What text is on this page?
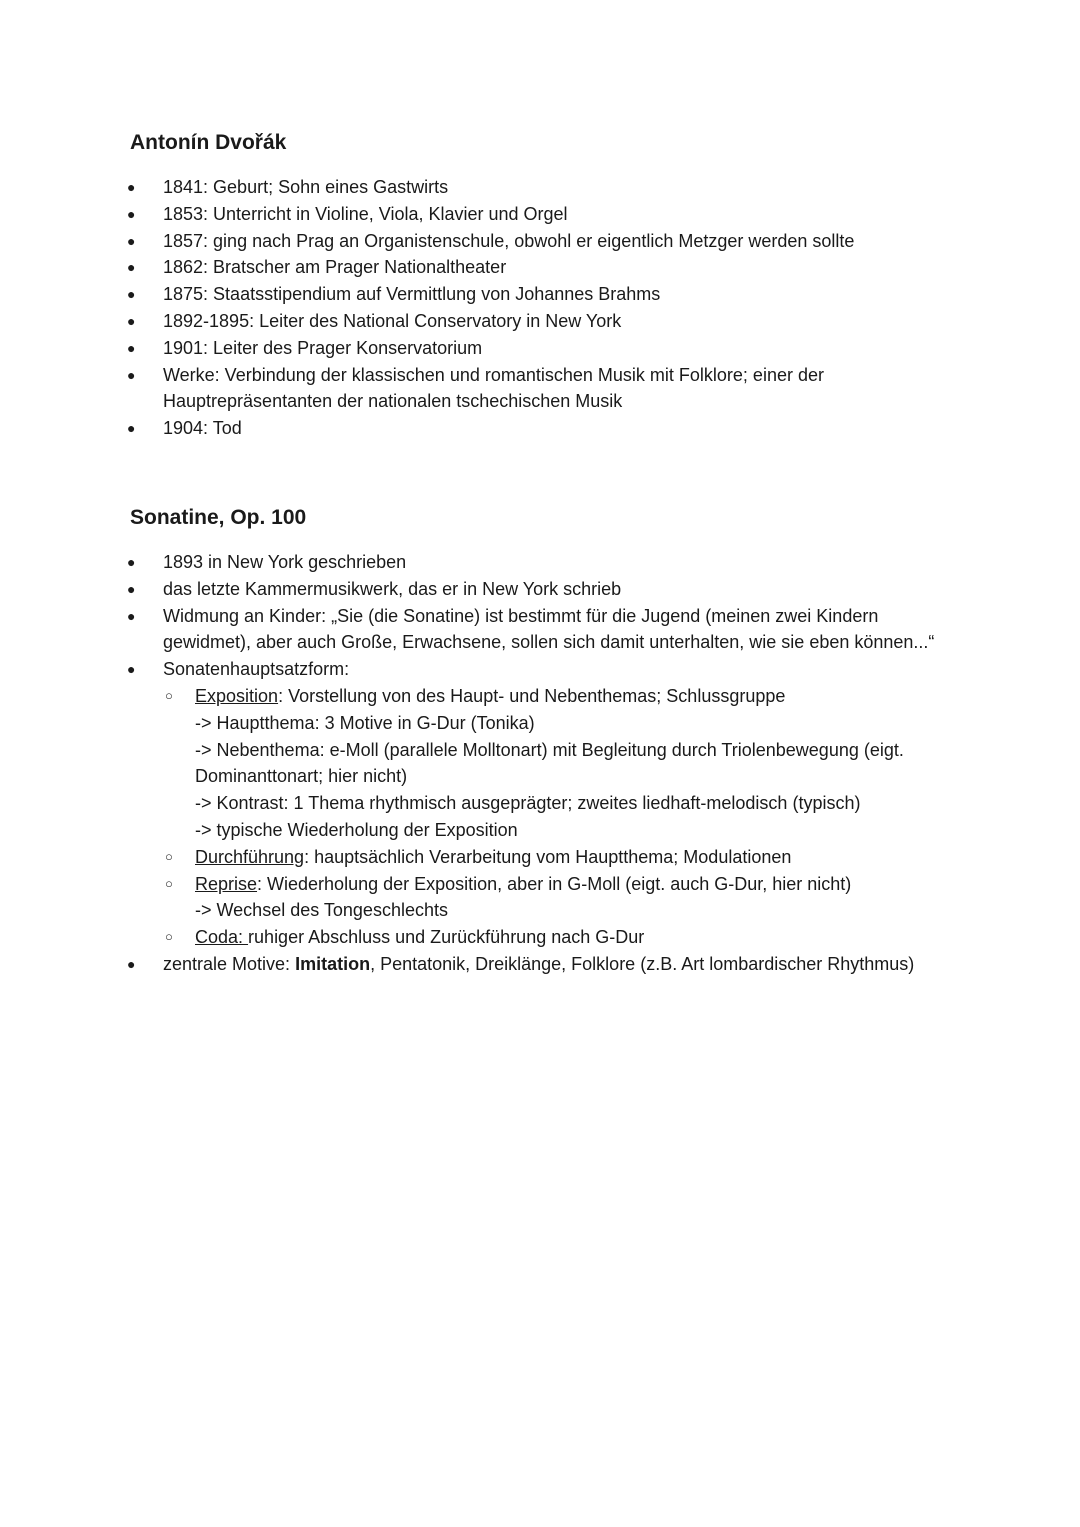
Antonín Dvořák
● 1841: Geburt; Sohn eines Gastwirts
● 1853: Unterricht in Violine, Viola, Klavier und Orgel
● 1857: ging nach Prag an Organistenschule, obwohl er eigentlich Metzger werden sollte
● 1862: Bratscher am Prager Nationaltheater
● 1875: Staatsstipendium auf Vermittlung von Johannes Brahms
● 1892-1895: Leiter des National Conservatory in New York
● 1901: Leiter des Prager Konservatorium
● Werke: Verbindung der klassischen und romantischen Musik mit Folklore; einer der Hauptrepräsentanten der nationalen tschechischen Musik
● 1904: Tod
Sonatine, Op. 100
● 1893 in New York geschrieben
● das letzte Kammermusikwerk, das er in New York schrieb
● Widmung an Kinder: „Sie (die Sonatine) ist bestimmt für die Jugend (meinen zwei Kindern gewidmet), aber auch Große, Erwachsene, sollen sich damit unterhalten, wie sie eben können...“
● Sonatenhauptsatzform:
○ Exposition: Vorstellung von des Haupt- und Nebenthemas; Schlussgruppe
-> Hauptthema: 3 Motive in G-Dur (Tonika)
-> Nebenthema: e-Moll (parallele Molltonart) mit Begleitung durch Triolenbewegung (eigt. Dominanttonart; hier nicht)
-> Kontrast: 1 Thema rhythmisch ausgeprägter; zweites liedhaft-melodisch (typisch)
-> typische Wiederholung der Exposition
○ Durchführung: hauptsächlich Verarbeitung vom Hauptthema; Modulationen
○ Reprise: Wiederholung der Exposition, aber in G-Moll (eigt. auch G-Dur, hier nicht)
-> Wechsel des Tongeschlechts
○ Coda: ruhiger Abschluss und Zurückführung nach G-Dur
● zentrale Motive: Imitation, Pentatonik, Dreiklänge, Folklore (z.B. Art lombardischer Rhythmus)
